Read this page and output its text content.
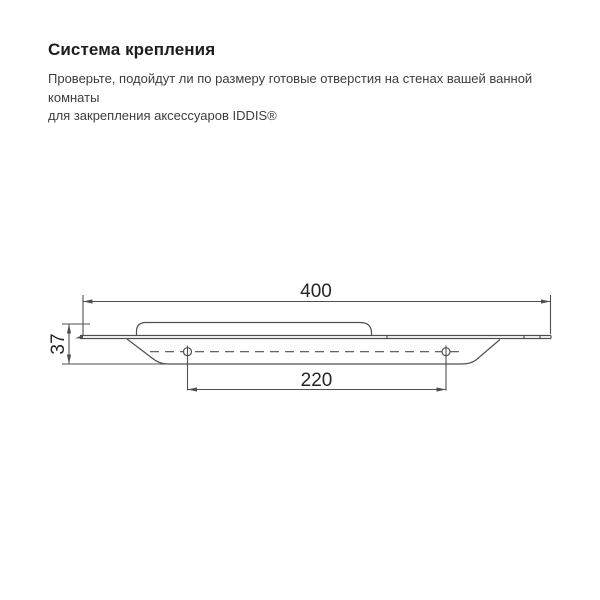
Система крепления
Проверьте, подойдут ли по размеру готовые отверстия на стенах вашей ванной комнаты
для закрепления аксессуаров IDDIS®
400
220
37
